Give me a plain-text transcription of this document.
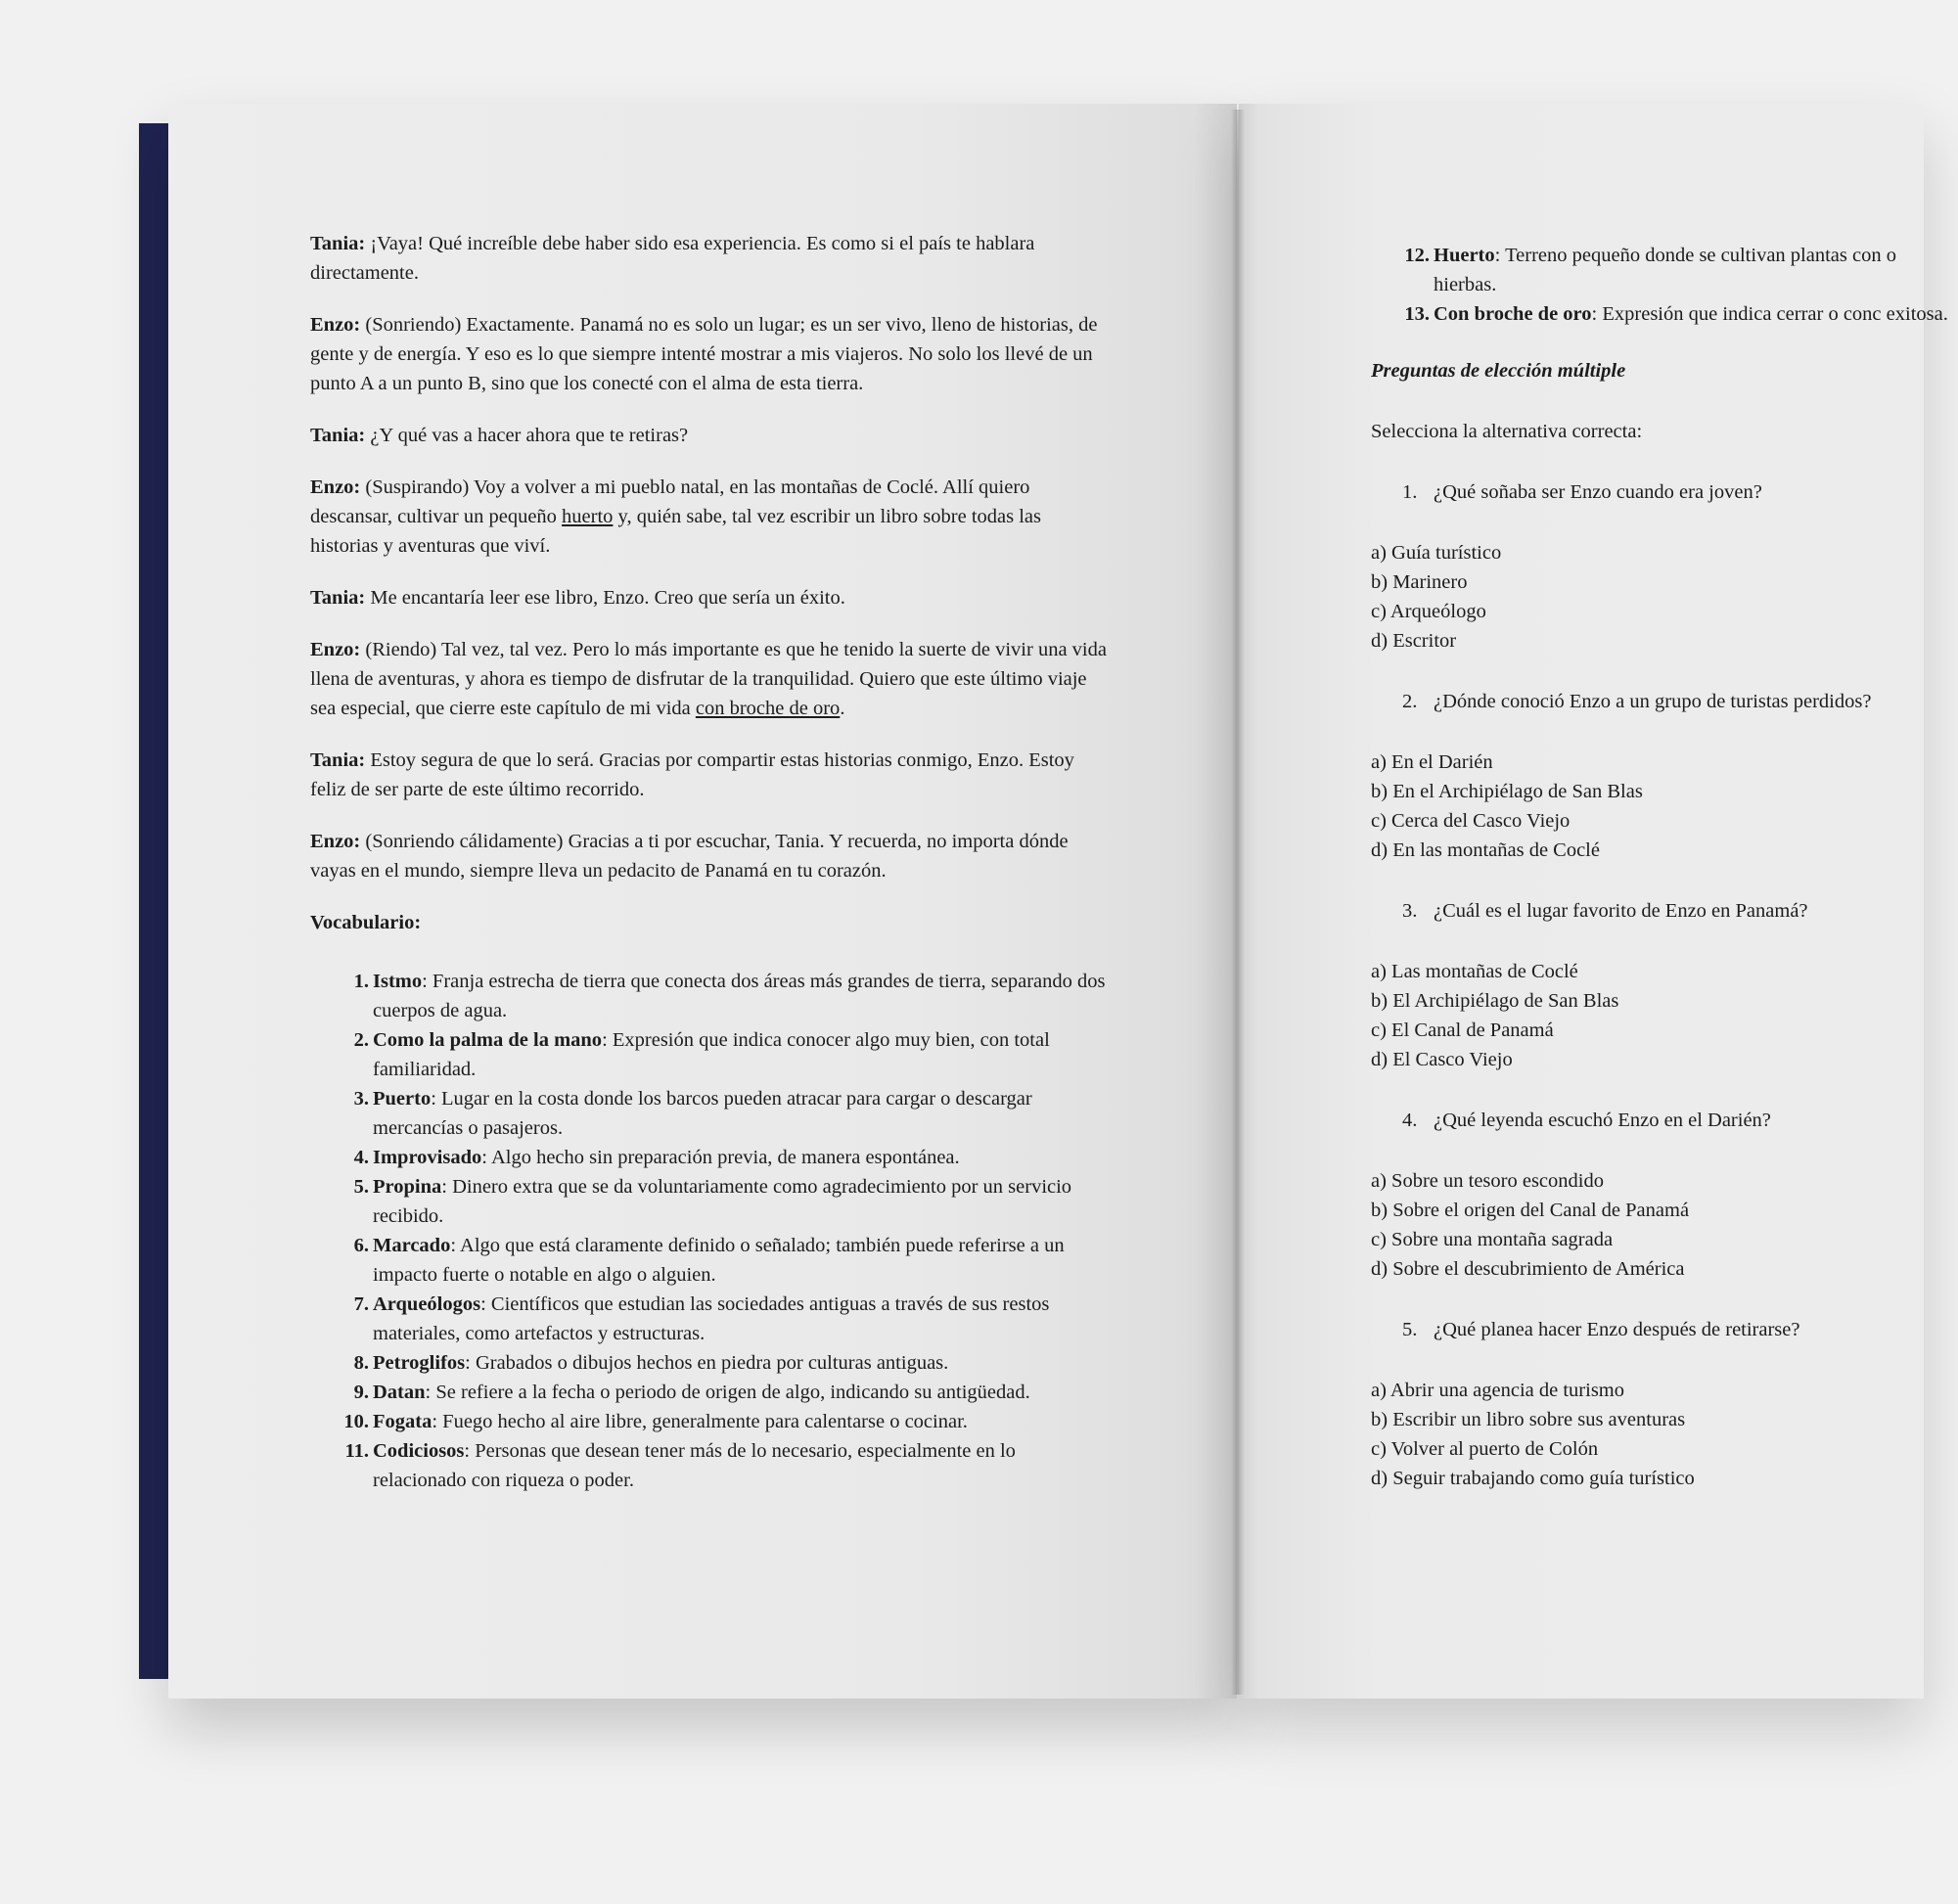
Tania: ¡Vaya! Qué increíble debe haber sido esa experiencia. Es como si el país te hablara directamente.

Enzo: (Sonriendo) Exactamente. Panamá no es solo un lugar; es un ser vivo, lleno de historias, de gente y de energía. Y eso es lo que siempre intenté mostrar a mis viajeros. No solo los llevé de un punto A a un punto B, sino que los conecté con el alma de esta tierra.

Tania: ¿Y qué vas a hacer ahora que te retiras?

Enzo: (Suspirando) Voy a volver a mi pueblo natal, en las montañas de Coclé. Allí quiero descansar, cultivar un pequeño huerto y, quién sabe, tal vez escribir un libro sobre todas las historias y aventuras que viví.

Tania: Me encantaría leer ese libro, Enzo. Creo que sería un éxito.

Enzo: (Riendo) Tal vez, tal vez. Pero lo más importante es que he tenido la suerte de vivir una vida llena de aventuras, y ahora es tiempo de disfrutar de la tranquilidad. Quiero que este último viaje sea especial, que cierre este capítulo de mi vida con broche de oro.

Tania: Estoy segura de que lo será. Gracias por compartir estas historias conmigo, Enzo. Estoy feliz de ser parte de este último recorrido.

Enzo: (Sonriendo cálidamente) Gracias a ti por escuchar, Tania. Y recuerda, no importa dónde vayas en el mundo, siempre lleva un pedacito de Panamá en tu corazón.

Vocabulario:
1. Istmo: Franja estrecha de tierra que conecta dos áreas más grandes de tierra, separando dos cuerpos de agua.
2. Como la palma de la mano: Expresión que indica conocer algo muy bien, con total familiaridad.
3. Puerto: Lugar en la costa donde los barcos pueden atracar para cargar o descargar mercancías o pasajeros.
4. Improvisado: Algo hecho sin preparación previa, de manera espontánea.
5. Propina: Dinero extra que se da voluntariamente como agradecimiento por un servicio recibido.
6. Marcado: Algo que está claramente definido o señalado; también puede referirse a un impacto fuerte o notable en algo o alguien.
7. Arqueólogos: Científicos que estudian las sociedades antiguas a través de sus restos materiales, como artefactos y estructuras.
8. Petroglifos: Grabados o dibujos hechos en piedra por culturas antiguas.
9. Datan: Se refiere a la fecha o periodo de origen de algo, indicando su antigüedad.
10. Fogata: Fuego hecho al aire libre, generalmente para calentarse o cocinar.
11. Codiciosos: Personas que desean tener más de lo necesario, especialmente en lo relacionado con riqueza o poder.
12. Huerto: Terreno pequeño donde se cultivan plantas con o hierbas.
13. Con broche de oro: Expresión que indica cerrar o conc exitosa.
Preguntas de elección múltiple

Selecciona la alternativa correcta:

1. ¿Qué soñaba ser Enzo cuando era joven?
a) Guía turístico
b) Marinero
c) Arqueólogo
d) Escritor
2. ¿Dónde conoció Enzo a un grupo de turistas perdidos?
a) En el Darién
b) En el Archipiélago de San Blas
c) Cerca del Casco Viejo
d) En las montañas de Coclé
3. ¿Cuál es el lugar favorito de Enzo en Panamá?
a) Las montañas de Coclé
b) El Archipiélago de San Blas
c) El Canal de Panamá
d) El Casco Viejo
4. ¿Qué leyenda escuchó Enzo en el Darién?
a) Sobre un tesoro escondido
b) Sobre el origen del Canal de Panamá
c) Sobre una montaña sagrada
d) Sobre el descubrimiento de América
5. ¿Qué planea hacer Enzo después de retirarse?
a) Abrir una agencia de turismo
b) Escribir un libro sobre sus aventuras
c) Volver al puerto de Colón
d) Seguir trabajando como guía turístico
